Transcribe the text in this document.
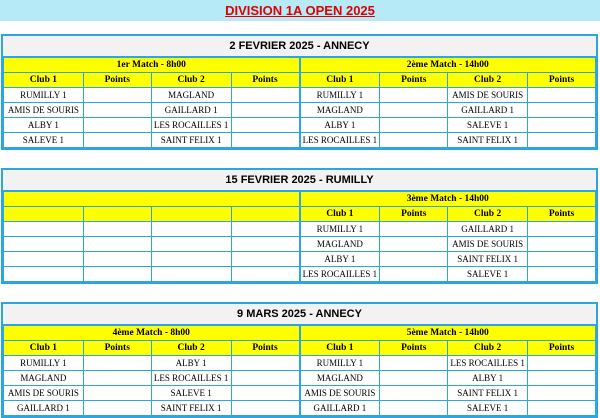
DIVISION 1A OPEN 2025
2 FEVRIER 2025 - ANNECY
1er Match - 8h00			
Club 1	Points	Club 2	Points
RUMILLY 1		MAGLAND	
AMIS DE SOURIS		GAILLARD 1	
ALBY 1		LES ROCAILLES 1	
SALEVE 1		SAINT FELIX 1	
2ème Match - 14h00			
Club 1	Points	Club 2	Points
RUMILLY 1		AMIS DE SOURIS	
MAGLAND		GAILLARD 1	
ALBY 1		SALEVE 1	
LES ROCAILLES 1		SAINT FELIX 1	
15 FEVRIER 2025 - RUMILLY

3ème Match - 14h00			
Club 1	Points	Club 2	Points
RUMILLY 1		GAILLARD 1	
MAGLAND		AMIS DE SOURIS	
ALBY 1		SAINT FELIX 1	
LES ROCAILLES 1		SALEVE 1	
9 MARS 2025 - ANNECY
4ème Match - 8h00			
Club 1	Points	Club 2	Points
RUMILLY 1		ALBY 1	
MAGLAND		LES ROCAILLES 1	
AMIS DE SOURIS		SALEVE 1	
GAILLARD 1		SAINT FELIX 1	
5ème Match - 14h00			
Club 1	Points	Club 2	Points
RUMILLY 1		LES ROCAILLES 1	
MAGLAND		ALBY 1	
AMIS DE SOURIS		SAINT FELIX 1	
GAILLARD 1		SALEVE 1	
